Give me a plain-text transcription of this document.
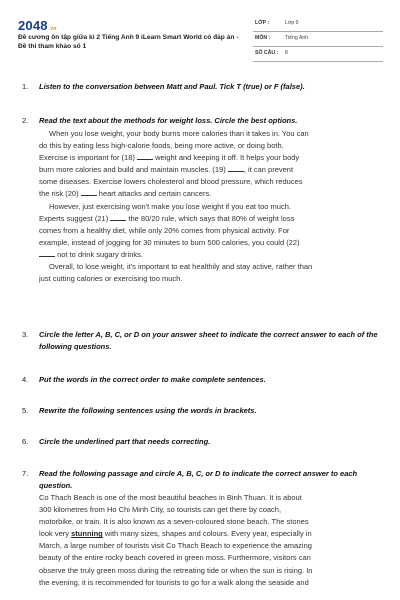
2048.vn
Đề cương ôn tập giữa kì 2 Tiếng Anh 9 iLearn Smart World có đáp án - Đề thi tham khảo số 1
LỚP :	Lớp 9
MÔN :	Tiếng Anh
SỐ CÂU : 8
1. Listen to the conversation between Matt and Paul. Tick T (true) or F (false).
2. Read the text about the methods for weight loss. Circle the best options.
When you lose weight, your body burns more calories than it takes in. You can
do this by eating less high-calorie foods, being more active, or doing both.
Exercise is important for (18)	weight and keeping it off. It helps your body
burn more calories and build and maintain muscles. (19) , it can prevent
some diseases. Exercise lowers cholesterol and blood pressure, which reduces
the risk (20)	heart attacks and certain cancers.
However, just exercising won't make you lose weight if you eat too much.
Experts suggest (21)	the 80/20 rule, which says that 80% of weight loss
comes from a healthy diet, while only 20% comes from physical activity. For
example, instead of jogging for 30 minutes to burn 500 calories, you could (22)
not to drink sugary drinks.
Overall, to lose weight, it's important to eat healthily and stay active, rather than
just cutting calories or exercising too much.
3. Circle the letter A, B, C, or D on your answer sheet to indicate the correct answer to each of the following questions.
4. Put the words in the correct order to make complete sentences.
5. Rewrite the following sentences using the words in brackets.
6. Circle the underlined part that needs correcting.
7. Read the following passage and circle A, B, C, or D to indicate the correct answer to each question.
Co Thach Beach is one of the most beautiful beaches in Binh Thuan. It is about
300 kilometres from Ho Chi Minh City, so tourists can get there by coach,
motorbike, or train. It is also known as a seven-coloured stone beach. The stones
look very stunning with many sizes, shapes and colours. Every year, especially in
March, a large number of tourists visit Co Thach Beach to experience the amazing
beauty of the entire rocky beach covered in green moss. Furthermore, visitors can
observe the truly green moss during the retreating tide or when the sun is rising. In
the evening, it is recommended for tourists to go for a walk along the seaside and
